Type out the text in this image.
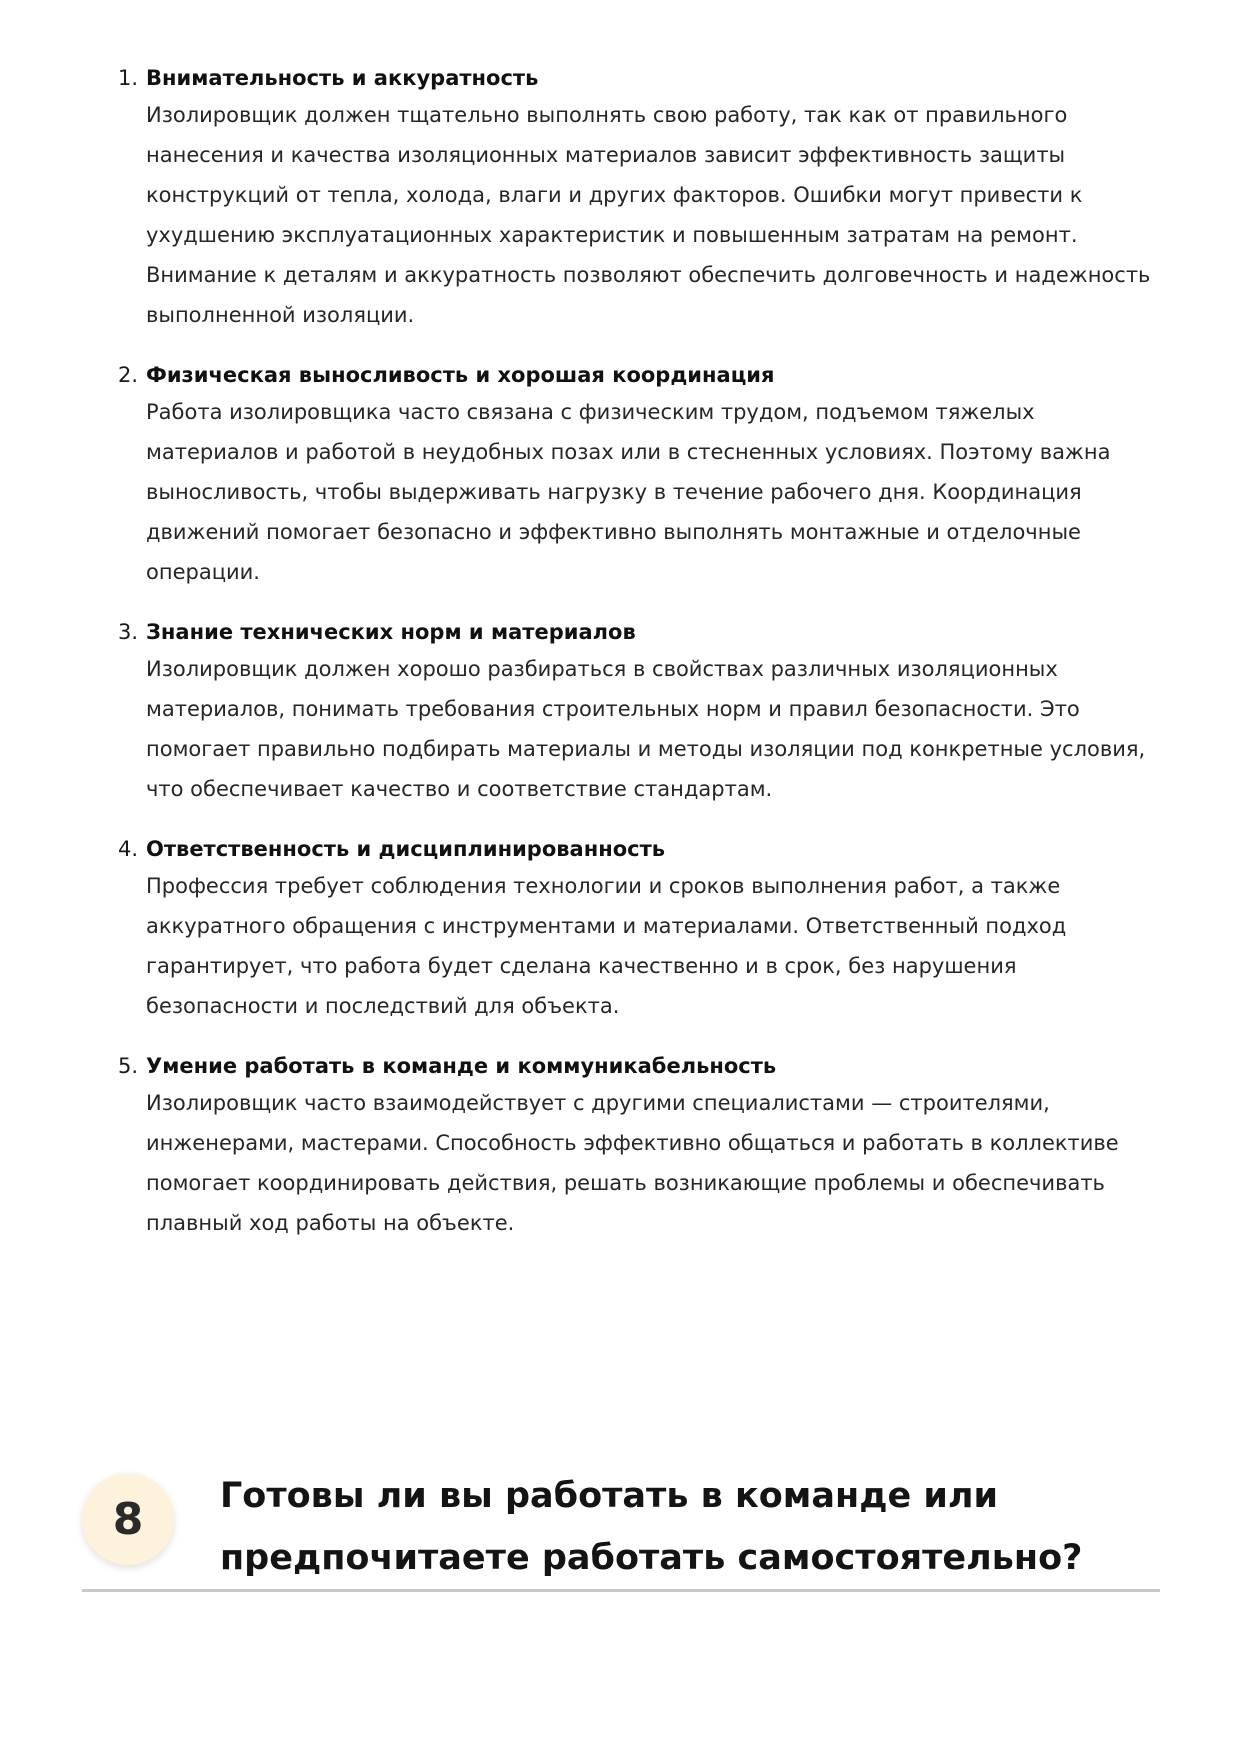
1. Внимательность и аккуратность
Изолировщик должен тщательно выполнять свою работу, так как от правильного нанесения и качества изоляционных материалов зависит эффективность защиты конструкций от тепла, холода, влаги и других факторов. Ошибки могут привести к ухудшению эксплуатационных характеристик и повышенным затратам на ремонт. Внимание к деталям и аккуратность позволяют обеспечить долговечность и надежность выполненной изоляции.
2. Физическая выносливость и хорошая координация
Работа изолировщика часто связана с физическим трудом, подъемом тяжелых материалов и работой в неудобных позах или в стесненных условиях. Поэтому важна выносливость, чтобы выдерживать нагрузку в течение рабочего дня. Координация движений помогает безопасно и эффективно выполнять монтажные и отделочные операции.
3. Знание технических норм и материалов
Изолировщик должен хорошо разбираться в свойствах различных изоляционных материалов, понимать требования строительных норм и правил безопасности. Это помогает правильно подбирать материалы и методы изоляции под конкретные условия, что обеспечивает качество и соответствие стандартам.
4. Ответственность и дисциплинированность
Профессия требует соблюдения технологии и сроков выполнения работ, а также аккуратного обращения с инструментами и материалами. Ответственный подход гарантирует, что работа будет сделана качественно и в срок, без нарушения безопасности и последствий для объекта.
5. Умение работать в команде и коммуникабельность
Изолировщик часто взаимодействует с другими специалистами — строителями, инженерами, мастерами. Способность эффективно общаться и работать в коллективе помогает координировать действия, решать возникающие проблемы и обеспечивать плавный ход работы на объекте.
8	Готовы ли вы работать в команде или предпочитаете работать самостоятельно?
